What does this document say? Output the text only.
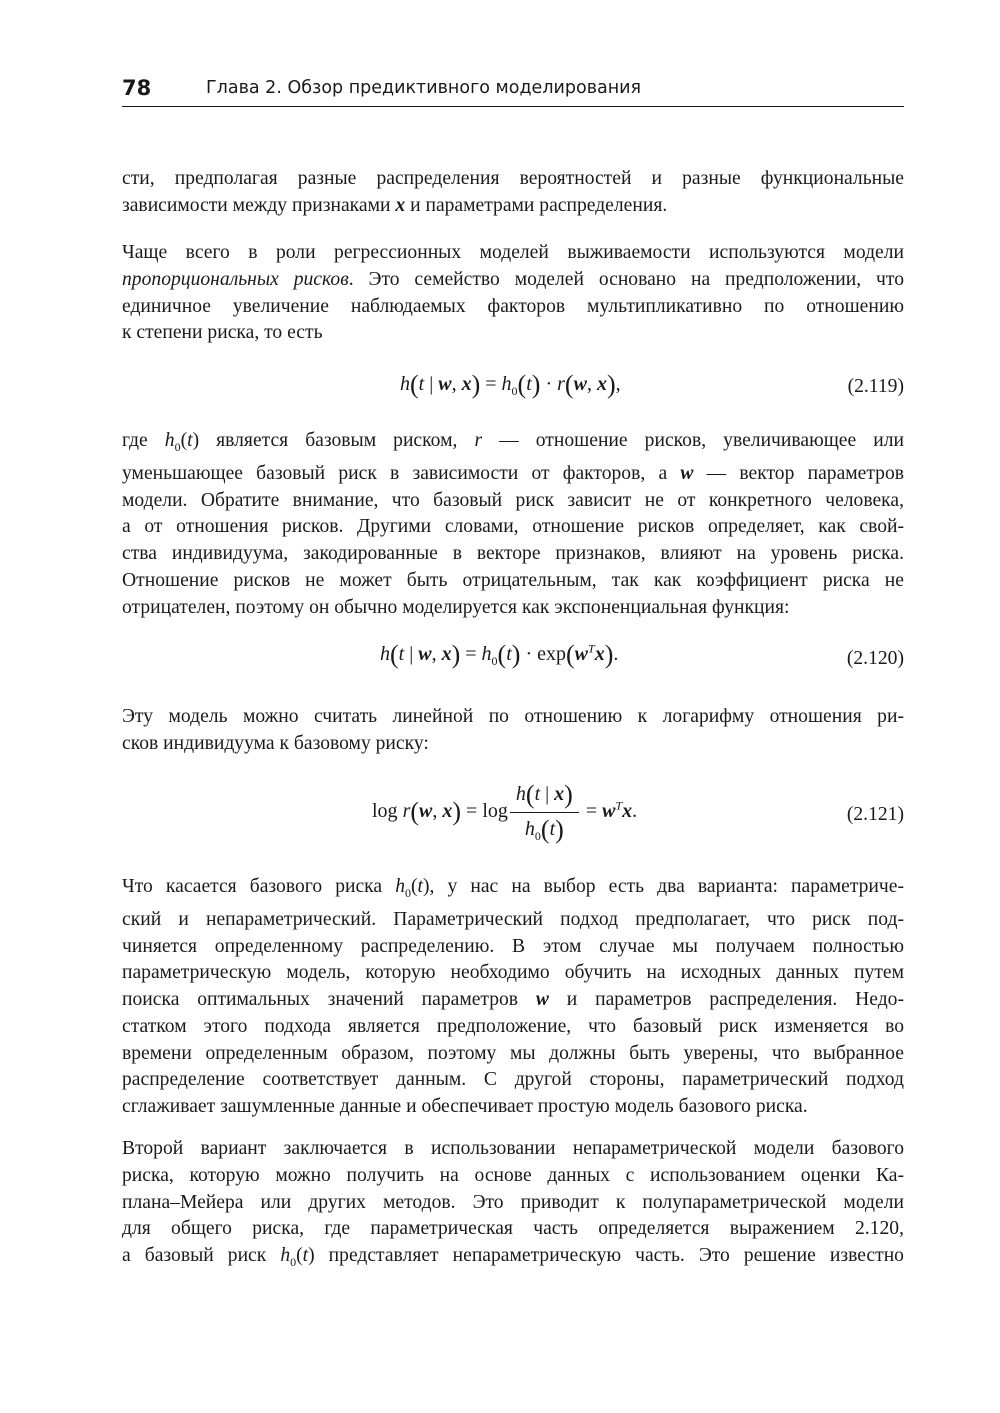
78	Глава 2. Обзор предиктивного моделирования
сти, предполагая разные распределения вероятностей и разные функциональные
зависимости между признаками x и параметрами распределения.
Чаще всего в роли регрессионных моделей выживаемости используются модели
пропорциональных рисков. Это семейство моделей основано на предположении, что
единичное увеличение наблюдаемых факторов мультипликативно по отношению
к степени риска, то есть
h(t | w, $x) = h_0(t) \cdot r(w$, x),	(2.119)
где $h_0(t)$ является базовым риском, r — отношение рисков, увеличивающее или
уменьшающее базовый риск в зависимости от факторов, а w — вектор параметров
модели. Обратите внимание, что базовый риск зависит не от конкретного человека,
а от отношения рисков. Другими словами, отношение рисков определяет, как свой-
ства индивидуума, закодированные в векторе признаков, влияют на уровень риска.
Отношение рисков не может быть отрицательным, так как коэффициент риска не
отрицателен, поэтому он обычно моделируется как экспоненциальная функция:
h(t | w, $x) = h_0(t) \cdot \exp(w^Tx)$.	(2.120)
Эту модель можно считать линейной по отношению к логарифму отношения ри-
сков индивидуума к базовому риску:
log r(w, $x) = \log \frac{h(t | x)}{h_0(t)} = w^Tx$.	(2.121)
Что касается базового риска $h_0(t)$, у нас на выбор есть два варианта: параметриче-
ский и непараметрический. Параметрический подход предполагает, что риск под-
чиняется определенному распределению. В этом случае мы получаем полностью
параметрическую модель, которую необходимо обучить на исходных данных путем
поиска оптимальных значений параметров w и параметров распределения. Недо-
статком этого подхода является предположение, что базовый риск изменяется во
времени определенным образом, поэтому мы должны быть уверены, что выбранное
распределение соответствует данным. С другой стороны, параметрический подход
сглаживает зашумленные данные и обеспечивает простую модель базового риска.
Второй вариант заключается в использовании непараметрической модели базового
риска, которую можно получить на основе данных с использованием оценки Ка-
плана–Мейера или других методов. Это приводит к полупараметрической модели
для общего риска, где параметрическая часть определяется выражением 2.120,
а базовый риск $h_0(t)$ представляет непараметрическую часть. Это решение известно
